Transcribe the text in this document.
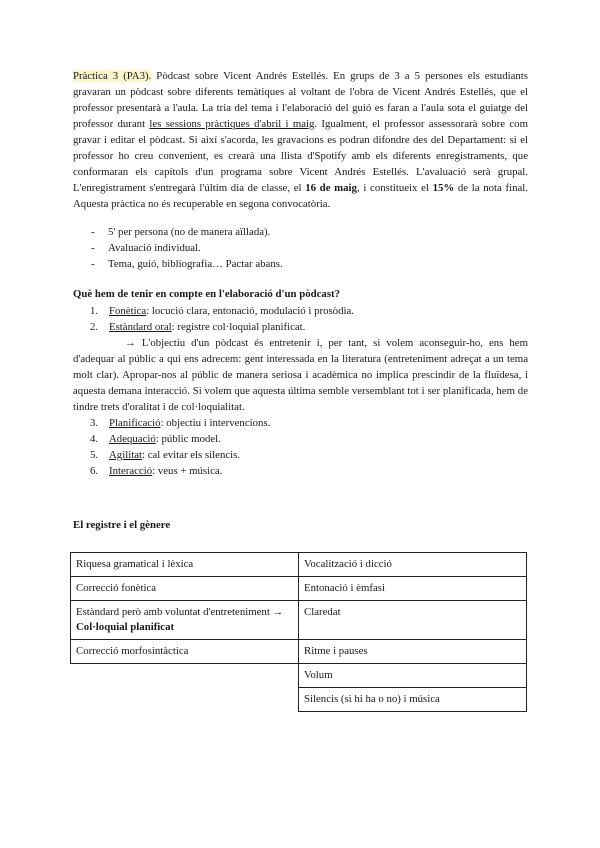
Pràctica 3 (PA3). Pòdcast sobre Vicent Andrés Estellés. En grups de 3 a 5 persones els estudiants gravaran un pòdcast sobre diferents temàtiques al voltant de l'obra de Vicent Andrés Estellés, que el professor presentarà a l'aula. La tria del tema i l'elaboració del guió es faran a l'aula sota el guiatge del professor durant les sessions pràctiques d'abril i maig. Igualment, el professor assessorarà sobre com gravar i editar el pòdcast. Si així s'acorda, les gravacions es podran difondre des del Departament: si el professor ho creu convenient, es crearà una llista d'Spotify amb els diferents enregistraments, que conformaran els capítols d'un programa sobre Vicent Andrés Estellés. L'avaluació serà grupal. L'enregistrament s'entregarà l'últim dia de classe, el 16 de maig, i constitueix el 15% de la nota final. Aquesta pràctica no és recuperable en segona convocatòria.

- 5' per persona (no de manera aïllada).
- Avaluació individual.
- Tema, guió, bibliografia… Pactar abans.
Què hem de tenir en compte en l'elaboració d'un pòdcast?
1. Fonètica: locució clara, entonació, modulació i prosòdia.
2. Estàndard oral: registre col·loquial planificat.

→ L'objectiu d'un pòdcast és entretenir i, per tant, si volem aconseguir-ho, ens hem d'adequar al públic a qui ens adrecem: gent interessada en la literatura (entreteniment adreçat a un tema molt clar). Apropar-nos al públic de manera seriosa i acadèmica no implica prescindir de la fluïdesa, i aquesta demana interacció. Si volem que aquesta última semble versemblant tot i ser planificada, hem de tindre trets d'oralitat i de col·loquialitat.

3. Planificació: objectiu i intervencions.
4. Adequació: públic model.
5. Agilitat: cal evitar els silencis.
6. Interacció: veus + música.
El registre i el gènere
Riquesa gramatical i lèxica	Vocalització i dicció
Correcció fonètica	Entonació i èmfasi
Estàndard però amb voluntat d'entreteniment → Col·loquial planificat	Claredat
Correcció morfosintàctica	Ritme i pauses
	Volum
	Silencis (si hi ha o no) i música
